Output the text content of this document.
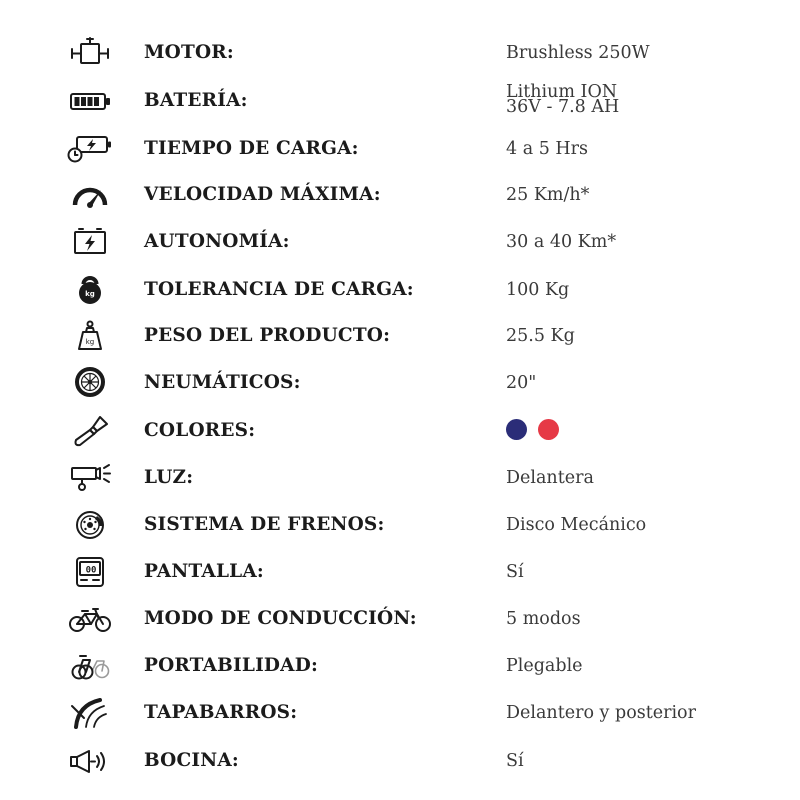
MOTOR:	Brushless 250W
BATERÍA:	Lithium ION
36V - 7.8 AH
TIEMPO DE CARGA:	4 a 5 Hrs
VELOCIDAD MÁXIMA:	25 Km/h*
AUTONOMÍA:	30 a 40 Km*
kg	TOLERANCIA DE CARGA:	100 Kg
kg	PESO DEL PRODUCTO:	25.5 Kg
NEUMÁTICOS:	20"
COLORES:
LUZ:	Delantera
SISTEMA DE FRENOS:	Disco Mecánico
00	PANTALLA:	Sí
MODO DE CONDUCCIÓN:	5 modos
PORTABILIDAD:	Plegable
TAPABARROS:	Delantero y posterior
BOCINA:	Sí
